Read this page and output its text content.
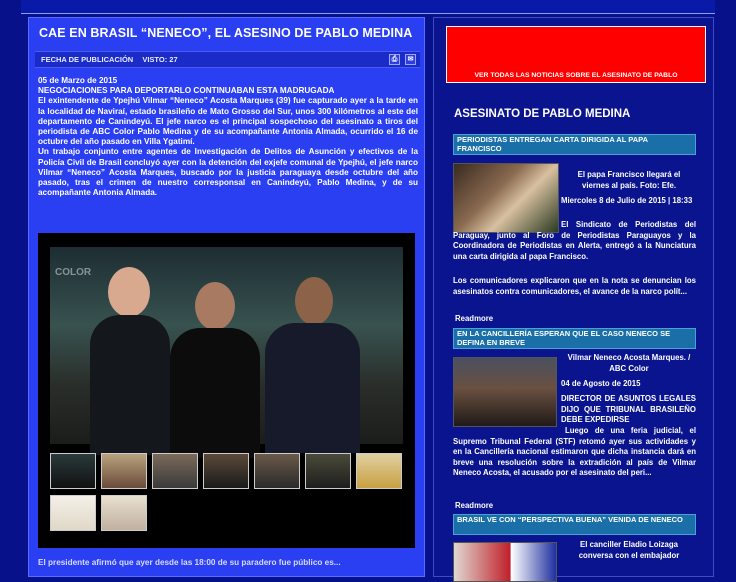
CAE EN BRASIL “NENECO”, EL ASESINO DE PABLO MEDINA
FECHA DE PUBLICACIÓN VISTO: 27	⎙	✉

05 de Marzo de 2015

NEGOCIACIONES PARA DEPORTARLO CONTINUABAN ESTA MADRUGADA

El exintendente de Ypejhú Vilmar “Neneco” Acosta Marques (39) fue capturado ayer a la tarde en la localidad de Naviraí, estado brasileño de Mato Grosso del Sur, unos 300 kilómetros al este del departamento de Canindeyú. El jefe narco es el principal sospechoso del asesinato a tiros del periodista de ABC Color Pablo Medina y de su acompañante Antonia Almada, ocurrido el 16 de octubre del año pasado en Villa Ygatimí.

Un trabajo conjunto entre agentes de Investigación de Delitos de Asunción y efectivos de la Policía Civil de Brasil concluyó ayer con la detención del exjefe comunal de Ypejhú, el jefe narco Vilmar “Neneco” Acosta Marques, buscado por la justicia paraguaya desde octubre del año pasado, tras el crimen de nuestro corresponsal en Canindeyú, Pablo Medina, y de su acompañante Antonia Almada.

COLOR
El presidente afirmó que ayer desde las 18:00 de su paradero fue público es...
VER TODAS LAS NOTICIAS SOBRE EL ASESINATO DE PABLO
ASESINATO DE PABLO MEDINA
PERIODISTAS ENTREGAN CARTA DIRIGIDA AL PAPA FRANCISCO
El papa Francisco llegará el viernes al país. Foto: Efe.
Miercoles 8 de Julio de 2015 | 18:33
El Sindicato de Periodistas del Paraguay, junto al Foro de Periodistas Paraguayos y la Coordinadora de Periodistas en Alerta, entregó a la Nunciatura una carta dirigida al papa Francisco.
Los comunicadores explicaron que en la nota se denuncian los asesinatos contra comunicadores, el avance de la narco polít...
Readmore
EN LA CANCILLERÍA ESPERAN QUE EL CASO NENECO SE DEFINA EN BREVE
Vilmar Neneco Acosta Marques. / ABC Color
04 de Agosto de 2015
DIRECTOR DE ASUNTOS LEGALES DIJO QUE TRIBUNAL BRASILEÑO DEBE EXPEDIRSE
Luego de una feria judicial, el Supremo Tribunal Federal (STF) retomó ayer sus actividades y en la Cancillería nacional estimaron que dicha instancia dará en breve una resolución sobre la extradición al país de Vilmar Neneco Acosta, el acusado por el asesinato del peri...
Readmore
BRASIL VE CON “PERSPECTIVA BUENA” VENIDA DE NENECO
El canciller Eladio Loizaga conversa con el embajador
